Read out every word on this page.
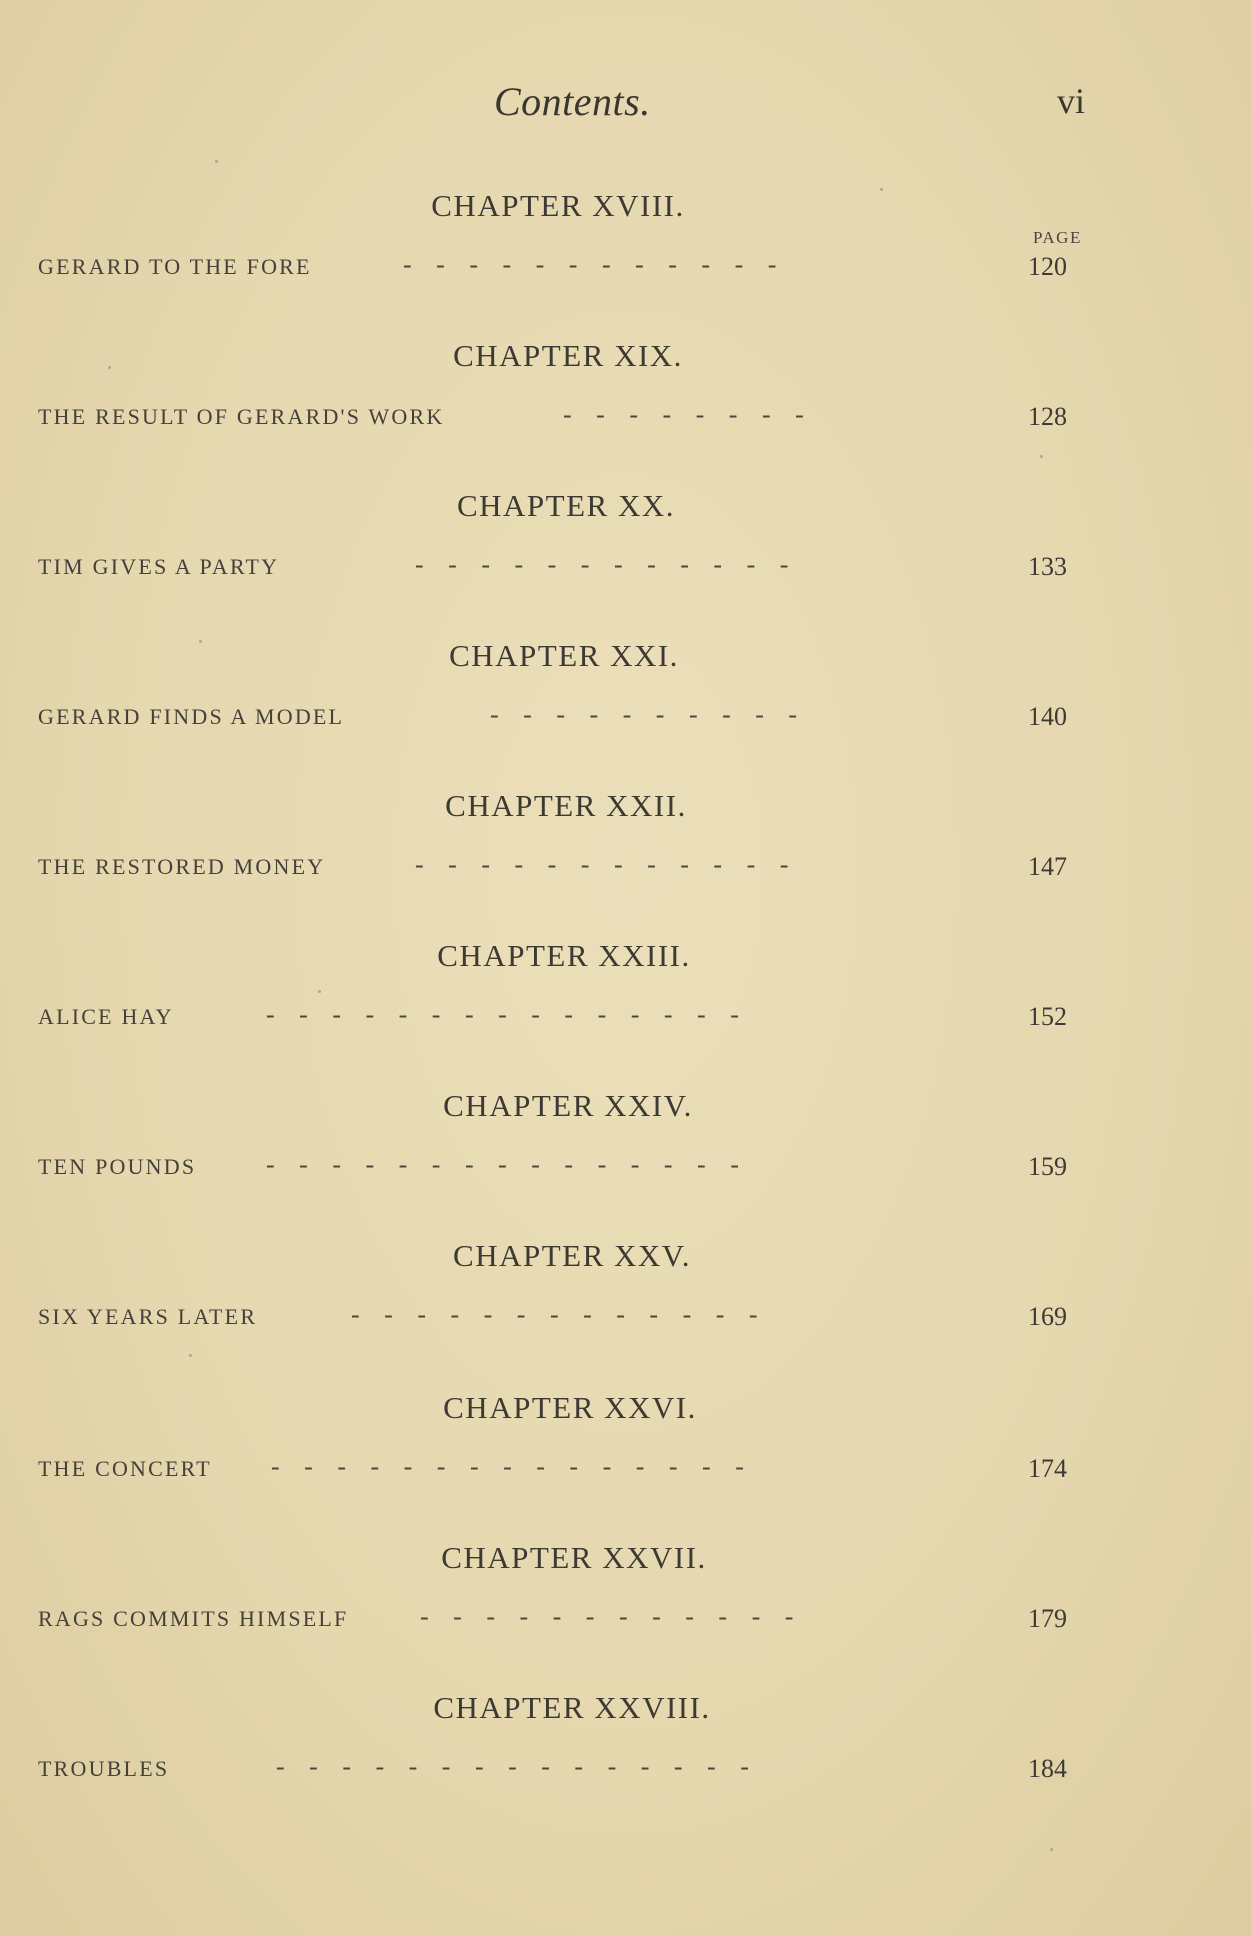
Contents.	vi
PAGE
CHAPTER XVIII.
GERARD TO THE FORE	- - - - - - - - - - - -	120
CHAPTER XIX.
THE RESULT OF GERARD'S WORK	- - - - - - - -	128
CHAPTER XX.
TIM GIVES A PARTY	- - - - - - - - - - - -	133
CHAPTER XXI.
GERARD FINDS A MODEL	- - - - - - - - - -	140
CHAPTER XXII.
THE RESTORED MONEY	- - - - - - - - - - - -	147
CHAPTER XXIII.
ALICE HAY	- - - - - - - - - - - - - - -	152
CHAPTER XXIV.
TEN POUNDS	- - - - - - - - - - - - - - -	159
CHAPTER XXV.
SIX YEARS LATER	- - - - - - - - - - - - -	169
CHAPTER XXVI.
THE CONCERT - - - - - - - - - - - - - - -	174
CHAPTER XXVII.
RAGS COMMITS HIMSELF	- - - - - - - - - - - -	179
CHAPTER XXVIII.
TROUBLES	- - - - - - - - - - - - - - -	184
